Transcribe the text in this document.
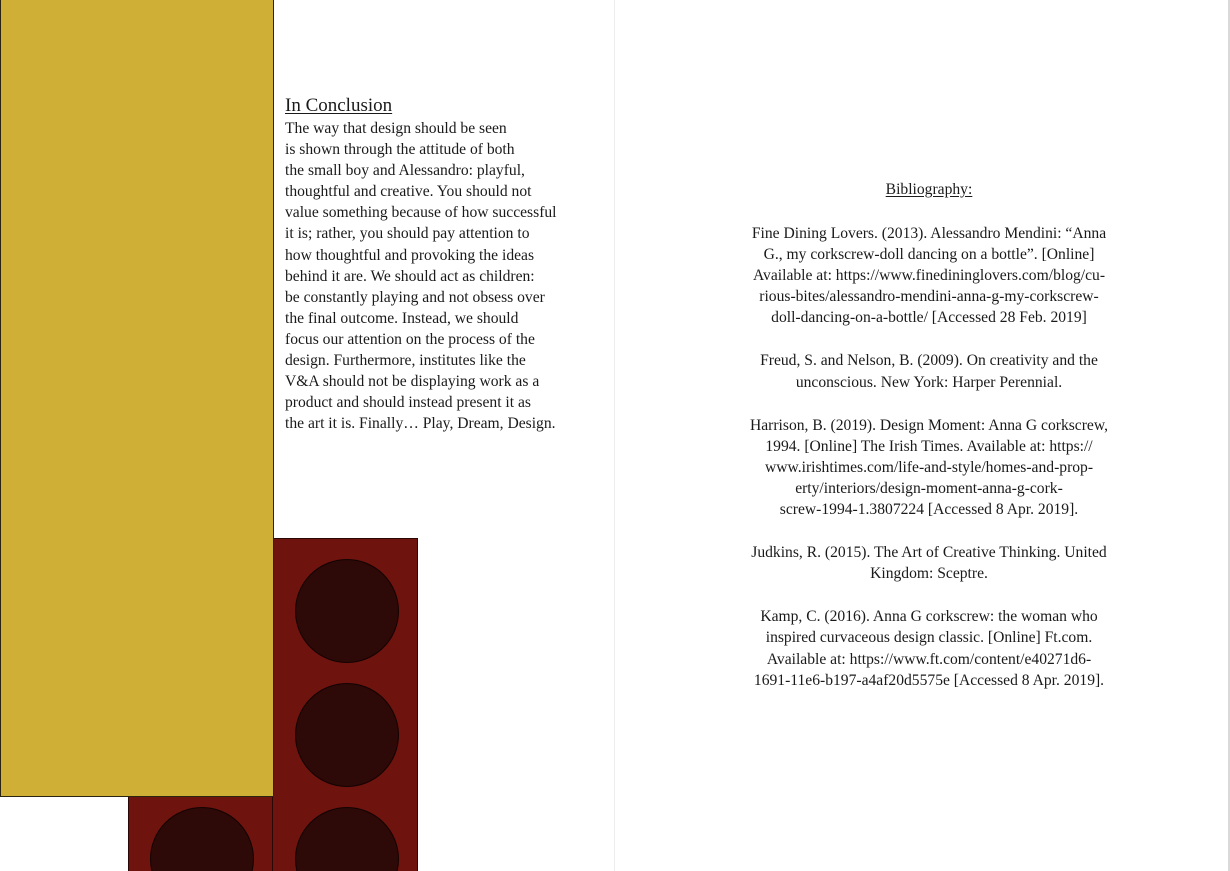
In Conclusion
The way that design should be seen
is shown through the attitude of both
the small boy and Alessandro: playful,
thoughtful and creative. You should not
value something because of how successful
it is; rather, you should pay attention to
how thoughtful and provoking the ideas
behind it are. We should act as children:
be constantly playing and not obsess over
the final outcome. Instead, we should
focus our attention on the process of the
design. Furthermore, institutes like the
V&A should not be displaying work as a
product and should instead present it as
the art it is. Finally… Play, Dream, Design.
Bibliography:
Fine Dining Lovers. (2013). Alessandro Mendini: “Anna
G., my corkscrew-doll dancing on a bottle”. [Online]
Available at: https://www.finedininglovers.com/blog/cu-
rious-bites/alessandro-mendini-anna-g-my-corkscrew-
doll-dancing-on-a-bottle/ [Accessed 28 Feb. 2019]
Freud, S. and Nelson, B. (2009). On creativity and the
unconscious. New York: Harper Perennial.
Harrison, B. (2019). Design Moment: Anna G corkscrew,
1994. [Online] The Irish Times. Available at: https://
www.irishtimes.com/life-and-style/homes-and-prop-
erty/interiors/design-moment-anna-g-cork-
screw-1994-1.3807224 [Accessed 8 Apr. 2019].
Judkins, R. (2015). The Art of Creative Thinking. United
Kingdom: Sceptre.
Kamp, C. (2016). Anna G corkscrew: the woman who
inspired curvaceous design classic. [Online] Ft.com.
Available at: https://www.ft.com/content/e40271d6-
1691-11e6-b197-a4af20d5575e [Accessed 8 Apr. 2019].
